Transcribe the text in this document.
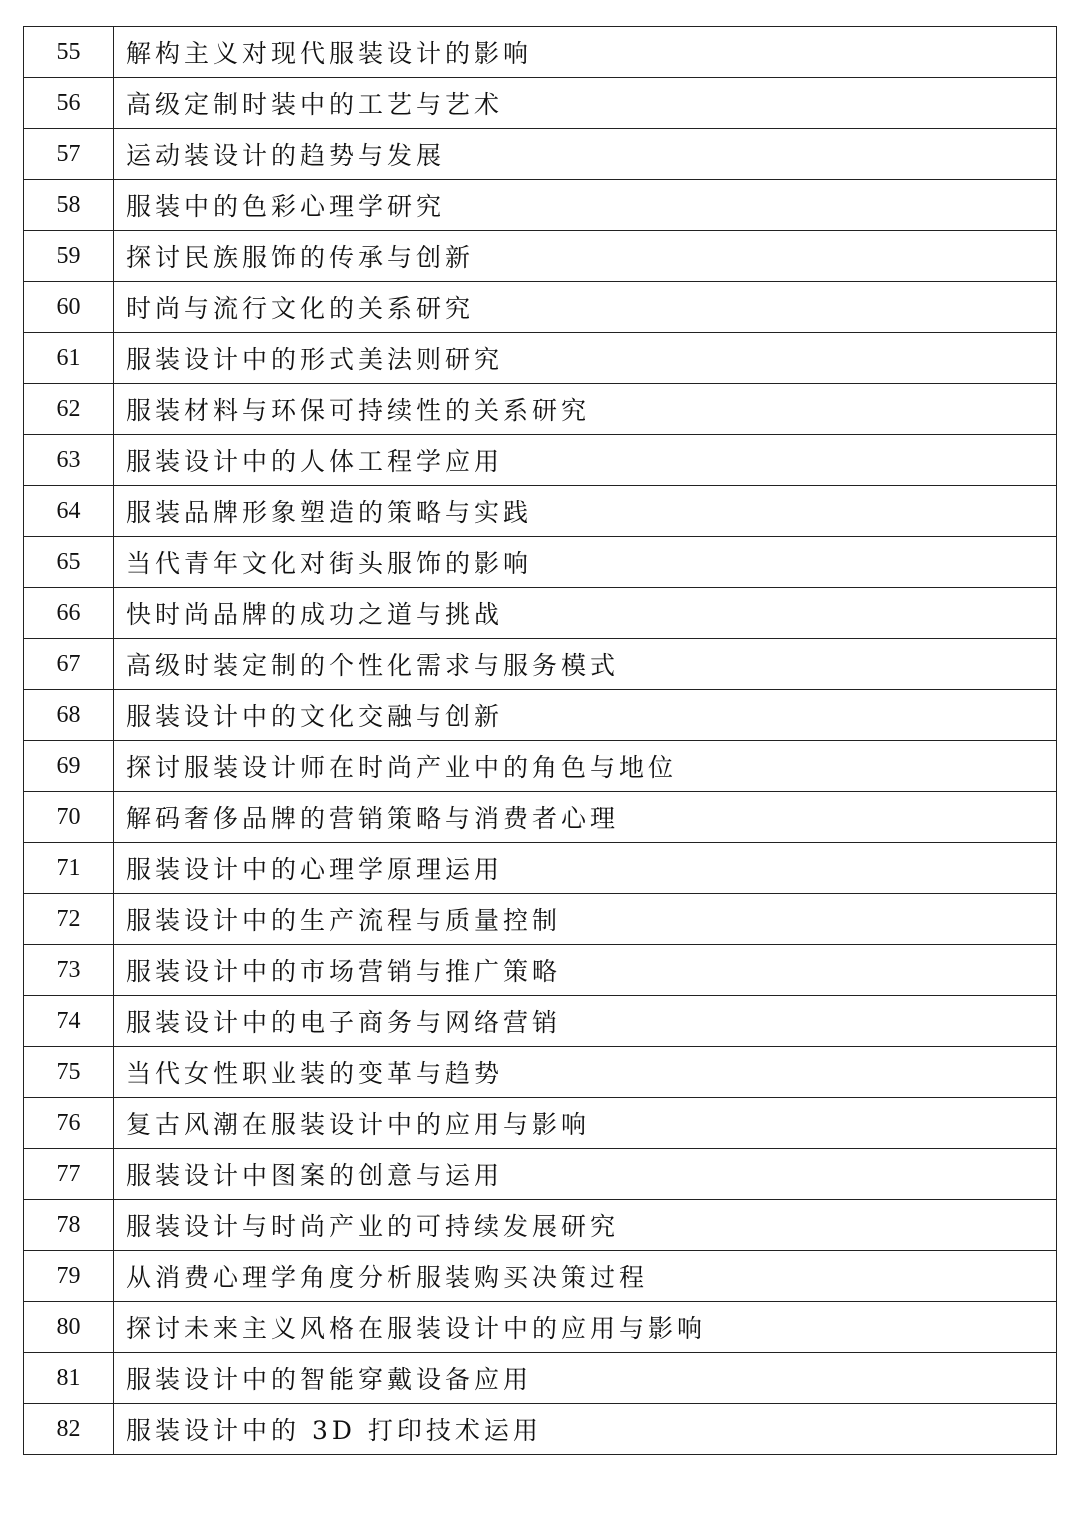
55	解构主义对现代服装设计的影响
56	高级定制时装中的工艺与艺术
57	运动装设计的趋势与发展
58	服装中的色彩心理学研究
59	探讨民族服饰的传承与创新
60	时尚与流行文化的关系研究
61	服装设计中的形式美法则研究
62	服装材料与环保可持续性的关系研究
63	服装设计中的人体工程学应用
64	服装品牌形象塑造的策略与实践
65	当代青年文化对街头服饰的影响
66	快时尚品牌的成功之道与挑战
67	高级时装定制的个性化需求与服务模式
68	服装设计中的文化交融与创新
69	探讨服装设计师在时尚产业中的角色与地位
70	解码奢侈品牌的营销策略与消费者心理
71	服装设计中的心理学原理运用
72	服装设计中的生产流程与质量控制
73	服装设计中的市场营销与推广策略
74	服装设计中的电子商务与网络营销
75	当代女性职业装的变革与趋势
76	复古风潮在服装设计中的应用与影响
77	服装设计中图案的创意与运用
78	服装设计与时尚产业的可持续发展研究
79	从消费心理学角度分析服装购买决策过程
80	探讨未来主义风格在服装设计中的应用与影响
81	服装设计中的智能穿戴设备应用
82	服装设计中的 3D 打印技术运用
